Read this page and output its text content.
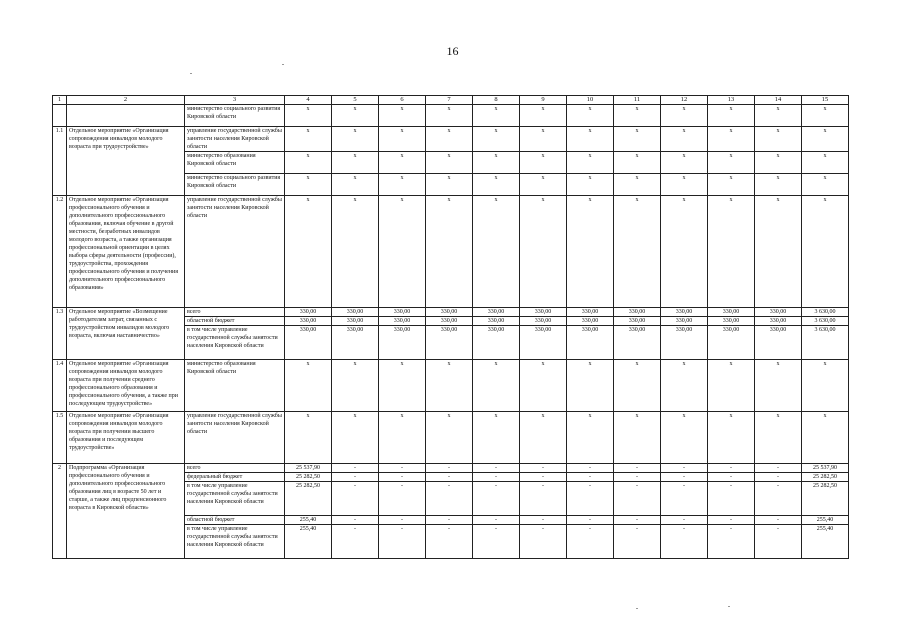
16
1	2	3	4	5	6	7	8	9	10	11	12	13	14	15
		министерство социального развития Кировской области	x	x	x	x	x	x	x	x	x	x	x	x
1.1	Отдельное мероприятие «Организация сопровождения инвалидов молодого возраста при трудоустройстве»	управление государственной службы занятости населения Кировской области	x	x	x	x	x	x	x	x	x	x	x	x
		министерство образования Кировской области	x	x	x	x	x	x	x	x	x	x	x	x
		министерство социального развития Кировской области	x	x	x	x	x	x	x	x	x	x	x	x
1.2	Отдельное мероприятие «Организация профессионального обучения и дополнительного профессионального образования, включая обучение в другой местности, безработных инвалидов молодого возраста, а также организация профессиональной ориентации в целях выбора сферы деятельности (профессии), трудоустройства, прохождения профессионального обучения и получения дополнительного профессионального образования»	управление государственной службы занятости населения Кировской области	x	x	x	x	x	x	x	x	x	x	x	x
1.3	Отдельное мероприятие «Возмещение работодателям затрат, связанных с трудоустройством инвалидов молодого возраста, включая наставничество»	всего	330,00	330,00	330,00	330,00	330,00	330,00	330,00	330,00	330,00	330,00	330,00	3 630,00
		областной бюджет	330,00	330,00	330,00	330,00	330,00	330,00	330,00	330,00	330,00	330,00	330,00	3 630,00
		в том числе управление государственной службы занятости населения Кировской области	330,00	330,00	330,00	330,00	330,00	330,00	330,00	330,00	330,00	330,00	330,00	3 630,00
1.4	Отдельное мероприятие «Организация сопровождения инвалидов молодого возраста при получении среднего профессионального образования и профессионального обучения, а также при последующем трудоустройстве»	министерство образования Кировской области	x	x	x	x	x	x	x	x	x	x	x	x
1.5	Отдельное мероприятие «Организация сопровождения инвалидов молодого возраста при получении высшего образования и последующем трудоустройстве»	управление государственной службы занятости населения Кировской области	x	x	x	x	x	x	x	x	x	x	x	x
2	Подпрограмма «Организация профессионального обучения и дополнительного профессионального образования лиц в возрасте 50 лет и старше, а также лиц предпенсионного возраста в Кировской области»	всего	25 537,90	-	-	-	-	-	-	-	-	-	-	25 537,90
		федеральный бюджет	25 282,50	-	-	-	-	-	-	-	-	-	-	25 282,50
		в том числе управление государственной службы занятости населения Кировской области	25 282,50	-	-	-	-	-	-	-	-	-	-	25 282,50
		областной бюджет	255,40	-	-	-	-	-	-	-	-	-	-	255,40
		в том числе управление государственной службы занятости населения Кировской области	255,40	-	-	-	-	-	-	-	-	-	-	255,40
